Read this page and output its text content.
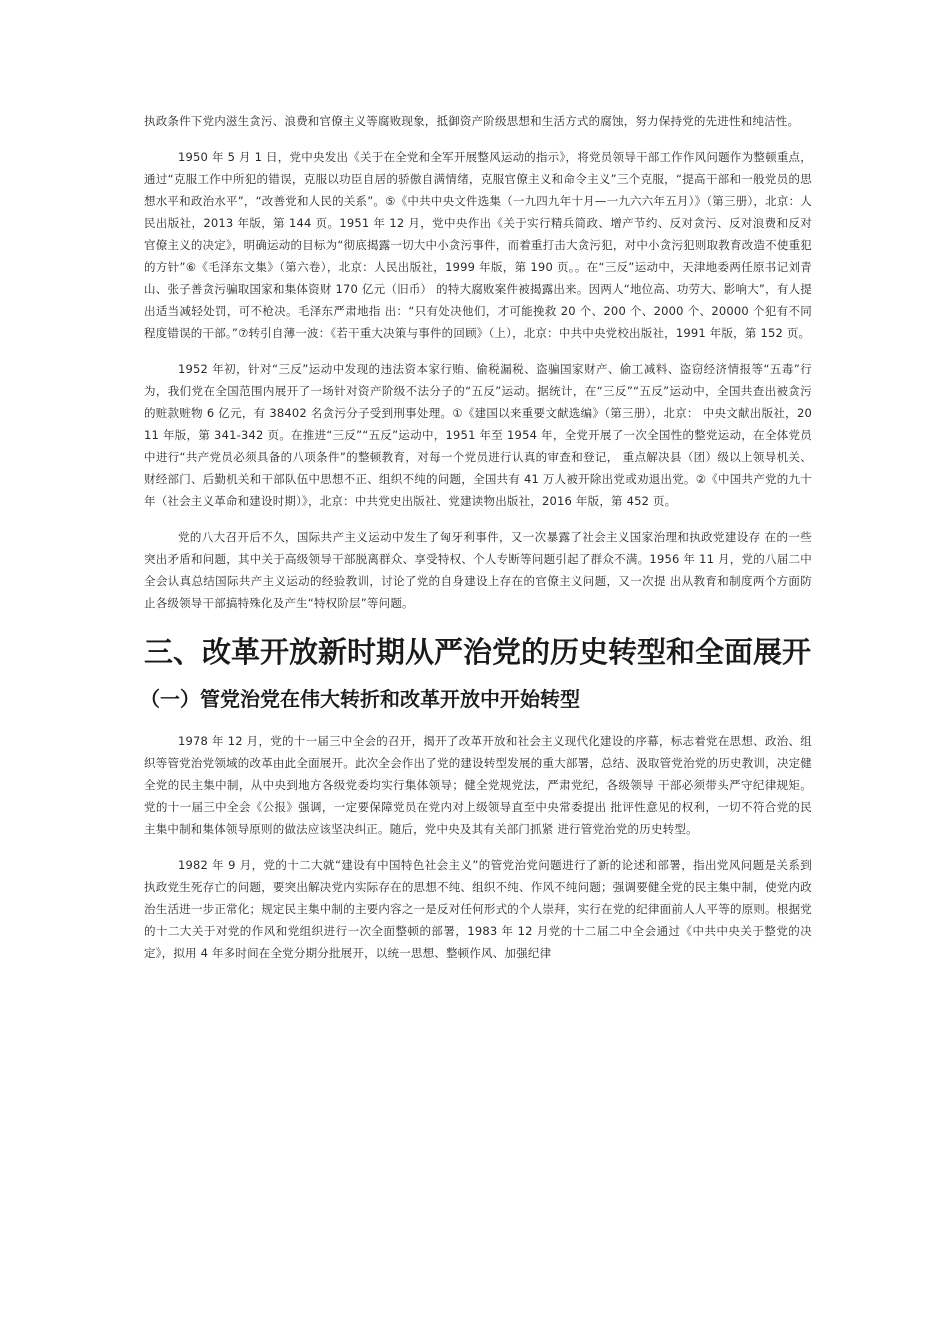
执政条件下党内滋生贪污、浪费和官僚主义等腐败现象，抵御资产阶级思想和生活方式的腐蚀，努力保持党的先进性和纯洁性。

1950 年 5 月 1 日，党中央发出《关于在全党和全军开展整风运动的指示》，将党员领导干部工作作风问题作为整顿重点，通过“克服工作中所犯的错误，克服以功臣自居的骄傲自满情绪，克服官僚主义和命令主义”三个克服，“提高干部和一般党员的思想水平和政治水平”，“改善党和人民的关系”。⑤《中共中央文件选集（一九四九年十月—一九六六年五月）》（第三册），北京：人民出版社，2013 年版，第 144 页。1951 年 12 月，党中央作出《关于实行精兵简政、增产节约、反对贪污、反对浪费和反对官僚主义的决定》，明确运动的目标为“彻底揭露一切大中小贪污事件，而着重打击大贪污犯，对中小贪污犯则取教育改造不使重犯的方针”⑥《毛泽东文集》（第六卷），北京：人民出版社，1999 年版，第 190 页。。在“三反”运动中，天津地委两任原书记刘青山、张子善贪污骗取国家和集体资财 170 亿元（旧币） 的特大腐败案件被揭露出来。因两人“地位高、功劳大、影响大”，有人提出适当减轻处罚，可不枪决。毛泽东严肃地指 出：“只有处决他们，才可能挽救 20 个、200 个、2000 个、20000 个犯有不同程度错误的干部。”⑦转引自薄一波：《若干重大决策与事件的回顾》（上），北京：中共中央党校出版社，1991 年版，第 152 页。

1952 年初，针对“三反”运动中发现的违法资本家行贿、偷税漏税、盗骗国家财产、偷工减料、盗窃经济情报等“五毒”行为，我们党在全国范围内展开了一场针对资产阶级不法分子的“五反”运动。据统计，在“三反”“五反”运动中，全国共查出被贪污的赃款赃物 6 亿元，有 38402 名贪污分子受到刑事处理。①《建国以来重要文献选编》（第三册），北京： 中央文献出版社，2011 年版，第 341-342 页。在推进“三反”“五反”运动中，1951 年至 1954 年，全党开展了一次全国性的整党运动，在全体党员中进行“共产党员必须具备的八项条件”的整顿教育，对每一个党员进行认真的审查和登记， 重点解决县（团）级以上领导机关、财经部门、后勤机关和干部队伍中思想不正、组织不纯的问题，全国共有 41 万人被开除出党或劝退出党。②《中国共产党的九十年（社会主义革命和建设时期）》，北京：中共党史出版社、党建读物出版社，2016 年版，第 452 页。

党的八大召开后不久，国际共产主义运动中发生了匈牙利事件，又一次暴露了社会主义国家治理和执政党建设存 在的一些突出矛盾和问题，其中关于高级领导干部脱离群众、享受特权、个人专断等问题引起了群众不满。1956 年 11 月，党的八届二中全会认真总结国际共产主义运动的经验教训，讨论了党的自身建设上存在的官僚主义问题，又一次提 出从教育和制度两个方面防止各级领导干部搞特殊化及产生“特权阶层”等问题。

三、改革开放新时期从严治党的历史转型和全面展开
（一）管党治党在伟大转折和改革开放中开始转型

1978 年 12 月，党的十一届三中全会的召开，揭开了改革开放和社会主义现代化建设的序幕，标志着党在思想、政治、组织等管党治党领域的改革由此全面展开。此次全会作出了党的建设转型发展的重大部署，总结、汲取管党治党的历史教训，决定健全党的民主集中制，从中央到地方各级党委均实行集体领导；健全党规党法，严肃党纪，各级领导 干部必须带头严守纪律规矩。党的十一届三中全会《公报》强调，一定要保障党员在党内对上级领导直至中央常委提出 批评性意见的权利，一切不符合党的民主集中制和集体领导原则的做法应该坚决纠正。随后，党中央及其有关部门抓紧 进行管党治党的历史转型。

1982 年 9 月，党的十二大就“建设有中国特色社会主义”的管党治党问题进行了新的论述和部署，指出党风问题是关系到执政党生死存亡的问题，要突出解决党内实际存在的思想不纯、组织不纯、作风不纯问题；强调要健全党的民主集中制，使党内政治生活进一步正常化；规定民主集中制的主要内容之一是反对任何形式的个人崇拜，实行在党的纪律面前人人平等的原则。根据党的十二大关于对党的作风和党组织进行一次全面整顿的部署，1983 年 12 月党的十二届二中全会通过《中共中央关于整党的决定》，拟用 4 年多时间在全党分期分批展开，以统一思想、整顿作风、加强纪律
